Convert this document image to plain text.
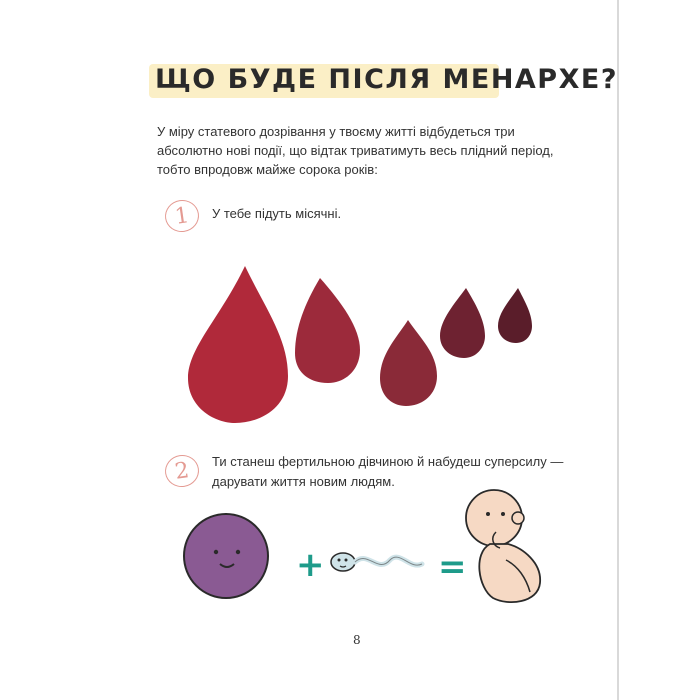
ЩО БУДЕ ПІСЛЯ МЕНАРХЕ?

У міру статевого дозрівання у твоєму житті відбудеться три абсолютно нові події, що відтак триватимуть весь плідний період, тобто впродовж майже сорока років:

1	У тебе підуть місячні.

2	Ти станеш фертильною дівчиною й набудеш суперсилу —

дарувати життя новим людям.

+	=
8
